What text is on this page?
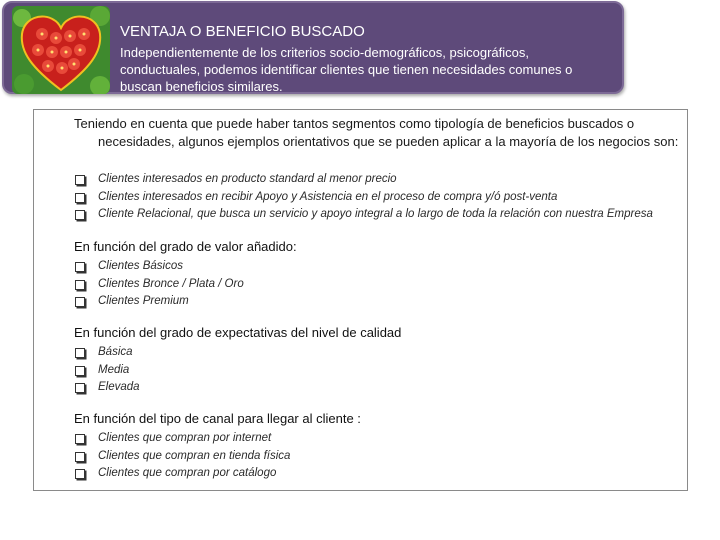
VENTAJA O BENEFICIO BUSCADO
Independientemente de los criterios socio-demográficos, psicográficos, conductuales, podemos identificar clientes que tienen necesidades comunes o buscan beneficios similares.
Teniendo en cuenta que puede haber tantos segmentos como tipología de beneficios buscados o necesidades, algunos ejemplos orientativos que se pueden aplicar a la mayoría de los negocios son:
Clientes interesados en producto standard al menor precio
Clientes interesados en recibir Apoyo y Asistencia en el proceso de compra y/ó post-venta
Cliente Relacional, que busca un servicio y apoyo integral a lo largo de toda la relación con nuestra Empresa
En función del grado de valor añadido:
Clientes Básicos
Clientes Bronce / Plata / Oro
Clientes Premium
En función del grado de expectativas del nivel de calidad
Básica
Media
Elevada
En función del tipo de canal para llegar al cliente :
Clientes que compran por internet
Clientes que compran en tienda física
Clientes que compran por catálogo
